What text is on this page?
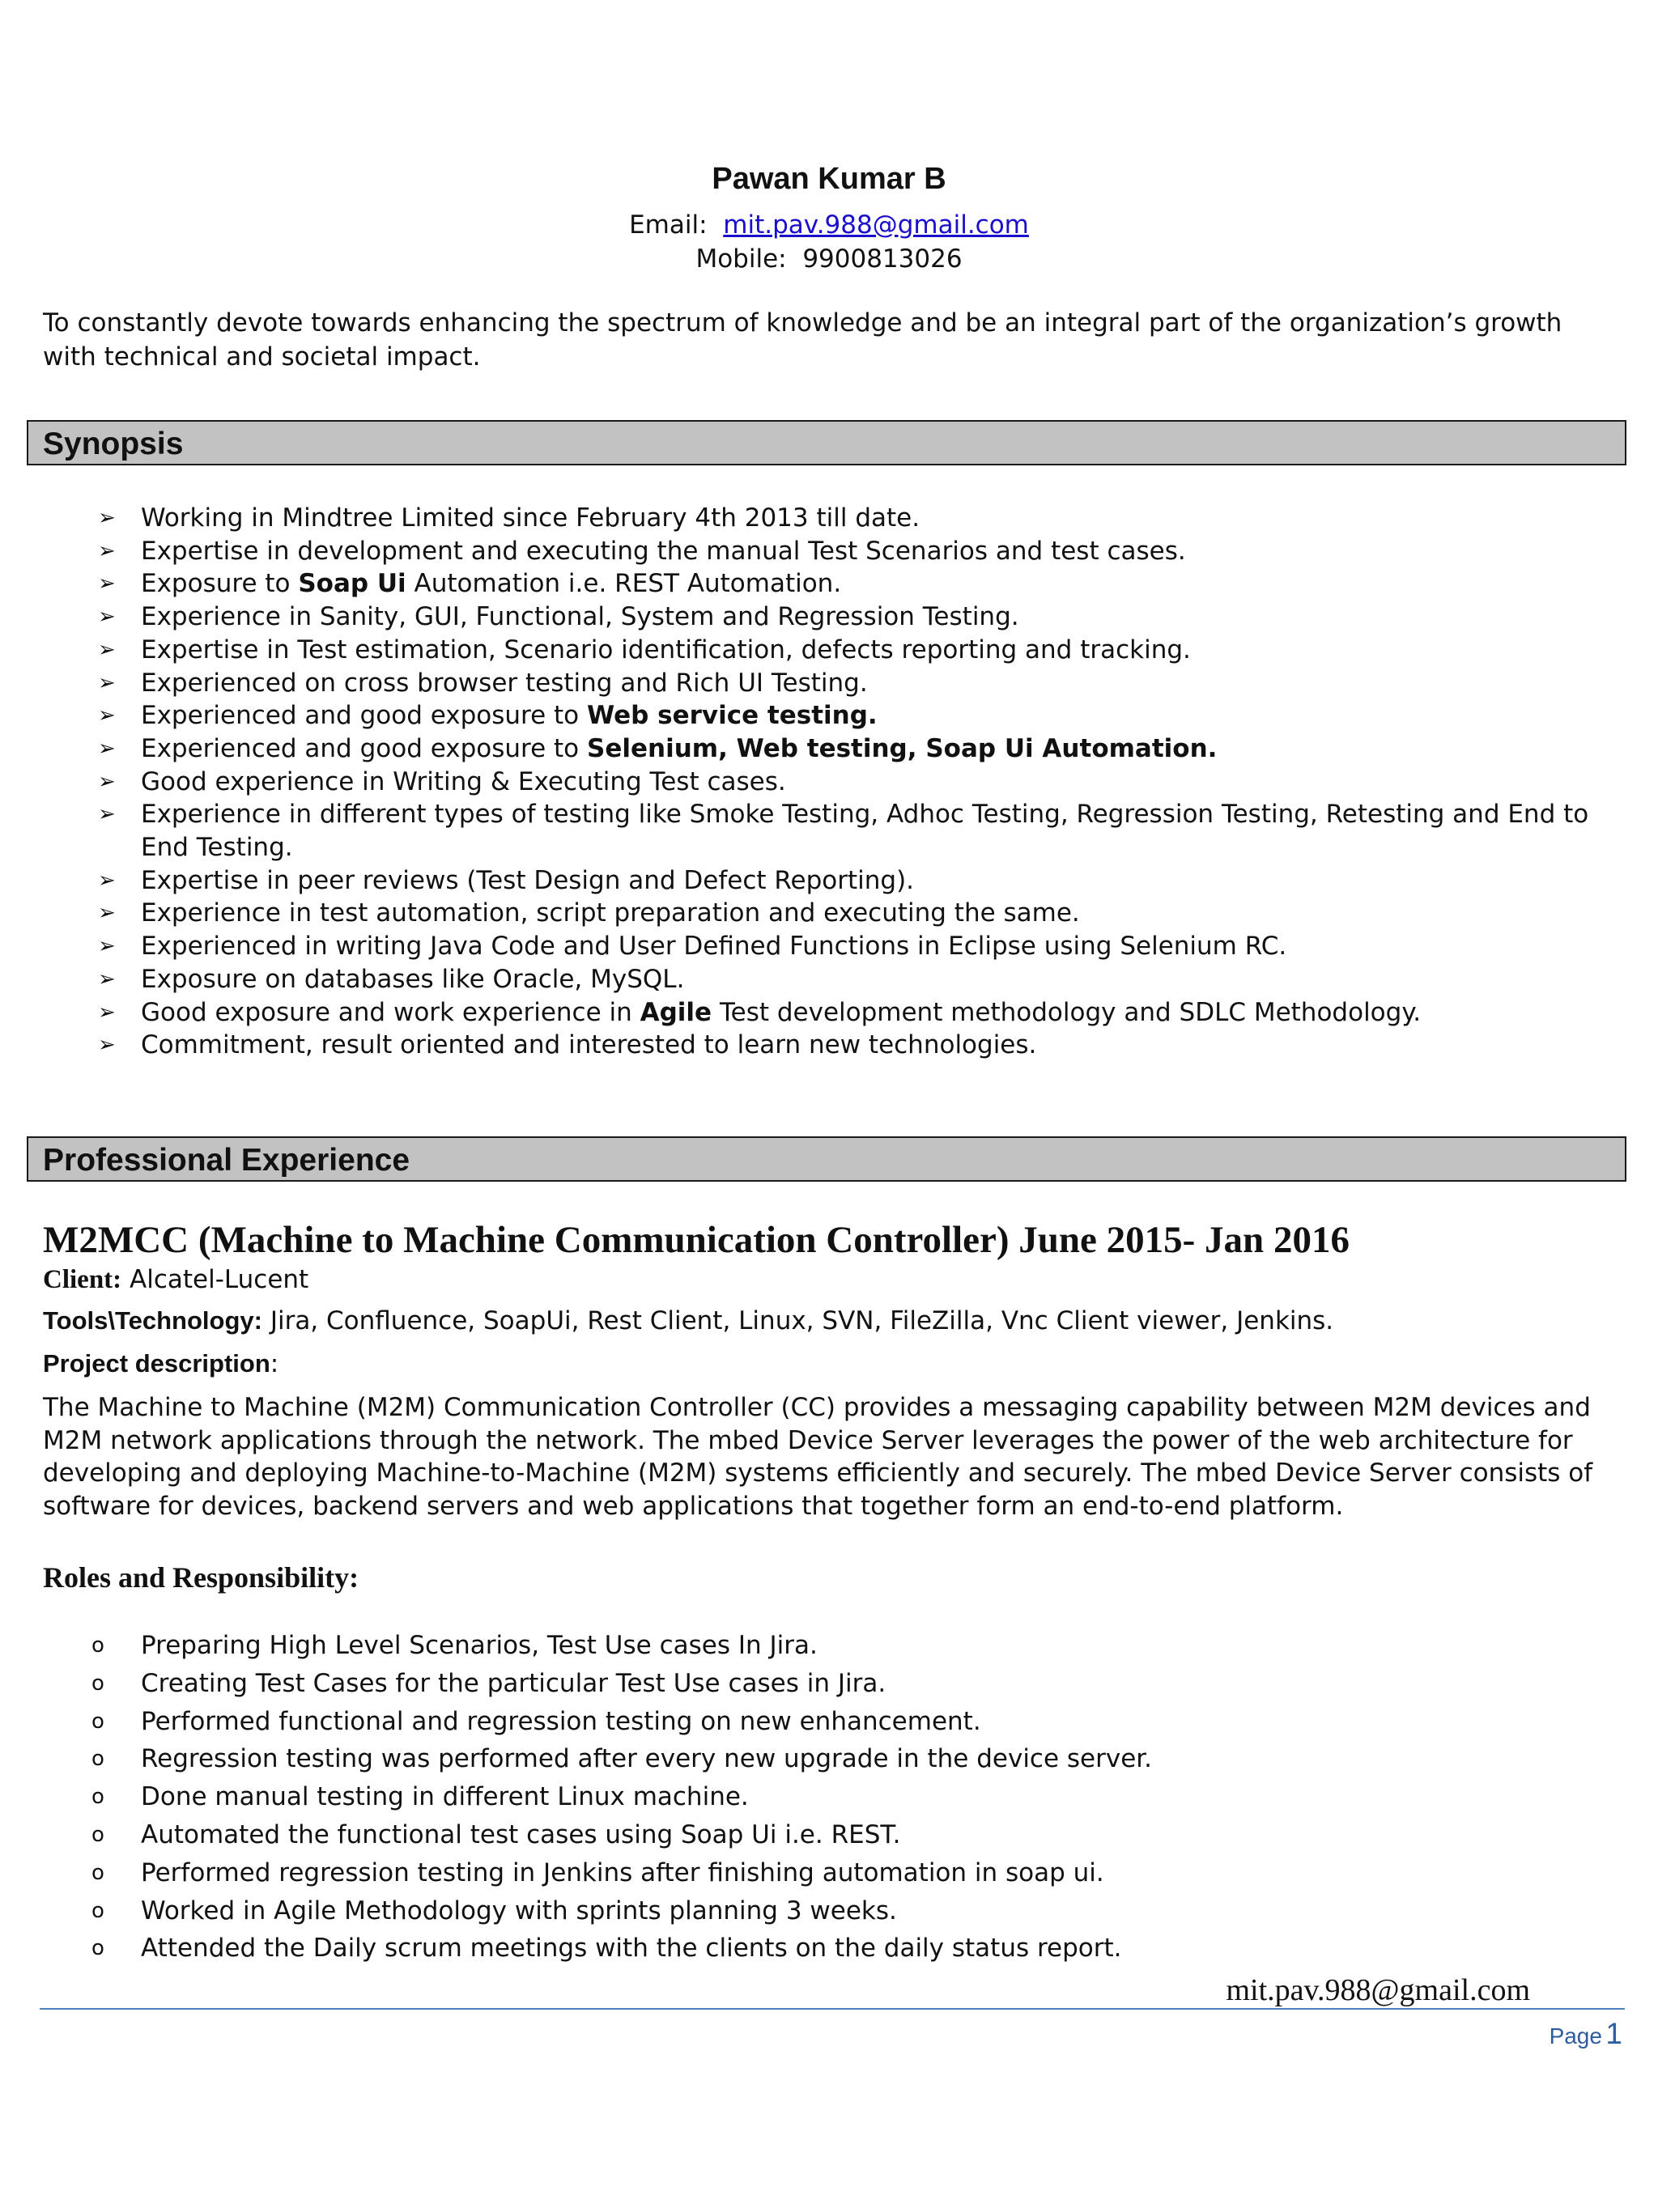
Pawan Kumar B
Email: mit.pav.988@gmail.com
Mobile: 9900813026
To constantly devote towards enhancing the spectrum of knowledge and be an integral part of the organization’s growth with technical and societal impact.
Synopsis
➢ Working in Mindtree Limited since February 4th 2013 till date.
➢ Expertise in development and executing the manual Test Scenarios and test cases.
➢ Exposure to Soap Ui Automation i.e. REST Automation.
➢ Experience in Sanity, GUI, Functional, System and Regression Testing.
➢ Expertise in Test estimation, Scenario identification, defects reporting and tracking.
➢ Experienced on cross browser testing and Rich UI Testing.
➢ Experienced and good exposure to Web service testing.
➢ Experienced and good exposure to Selenium, Web testing, Soap Ui Automation.
➢ Good experience in Writing & Executing Test cases.
➢ Experience in different types of testing like Smoke Testing, Adhoc Testing, Regression Testing, Retesting and End to End Testing.
➢ Expertise in peer reviews (Test Design and Defect Reporting).
➢ Experience in test automation, script preparation and executing the same.
➢ Experienced in writing Java Code and User Defined Functions in Eclipse using Selenium RC.
➢ Exposure on databases like Oracle, MySQL.
➢ Good exposure and work experience in Agile Test development methodology and SDLC Methodology.
➢ Commitment, result oriented and interested to learn new technologies.
Professional Experience
M2MCC (Machine to Machine Communication Controller) June 2015- Jan 2016
Client: Alcatel-Lucent
Tools\Technology: Jira, Confluence, SoapUi, Rest Client, Linux, SVN, FileZilla, Vnc Client viewer, Jenkins.
Project description:
The Machine to Machine (M2M) Communication Controller (CC) provides a messaging capability between M2M devices and M2M network applications through the network. The mbed Device Server leverages the power of the web architecture for developing and deploying Machine-to-Machine (M2M) systems efficiently and securely. The mbed Device Server consists of software for devices, backend servers and web applications that together form an end-to-end platform.
Roles and Responsibility:
o Preparing High Level Scenarios, Test Use cases In Jira.
o Creating Test Cases for the particular Test Use cases in Jira.
o Performed functional and regression testing on new enhancement.
o Regression testing was performed after every new upgrade in the device server.
o Done manual testing in different Linux machine.
o Automated the functional test cases using Soap Ui i.e. REST.
o Performed regression testing in Jenkins after finishing automation in soap ui.
o Worked in Agile Methodology with sprints planning 3 weeks.
o Attended the Daily scrum meetings with the clients on the daily status report.
mit.pav.988@gmail.com
Page 1
